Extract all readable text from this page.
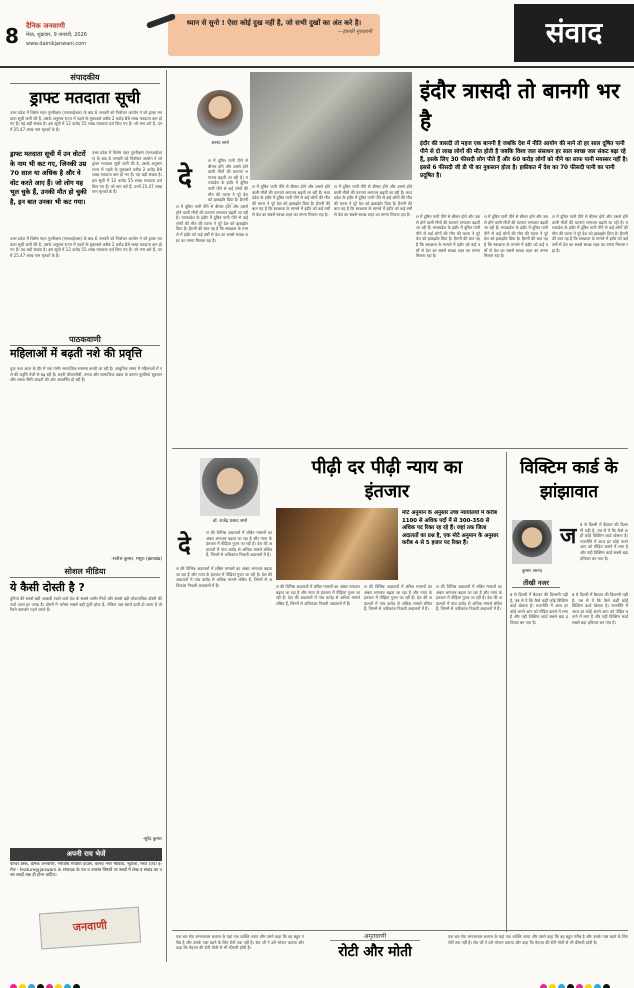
8 दैनिक जनवाणी
मेरठ, शुक्रवार, 9 जनवरी, 2026
www.dainikjanwani.com
ध्यान से सुनो ! ऐसा कोई दुख नहीं है, जो सभी दुखों का अंत करे है।
—हारुकी मुराकामी	संवाद
संपादकीय
ड्राफ्ट मतदाता सूची
उत्तर प्रदेश में विशेष गहन पुनरीक्षण (एसआईआर) के बाद 6 जनवरी को निर्वाचन आयोग ने जो ड्राफ्ट मतदाता सूची जारी की है, उसके अनुसार राज्य में पहले के मुकाबले करीब 2 करोड़ 89 लाख मतदाता कम हो गए हैं। यह बड़ी संख्या है। इस सूची में 12 करोड़ 55 लाख मतदाता दर्ज किए गए हैं। जो नाम कटे हैं, उनमें 25.47 लाख नाम मृतकों के हैं।
ड्राफ्ट मतदाता सूची में उन वोटरों के नाम भी कट गए, जिनकी उम्र 70 साल या अधिक है और वे वोट करते आए हैं। जो लोग यह भूल चुके हैं, उनकी मौत हो चुकी है, इन बात उनका भी कट गया।
उत्तर प्रदेश में विशेष गहन पुनरीक्षण (एसआईआर) के बाद 6 जनवरी को निर्वाचन आयोग ने जो ड्राफ्ट मतदाता सूची जारी की है, उसके अनुसार राज्य में पहले के मुकाबले करीब 2 करोड़ 89 लाख मतदाता कम हो गए हैं। यह बड़ी संख्या है। इस सूची में 12 करोड़ 55 लाख मतदाता दर्ज किए गए हैं। जो नाम कटे हैं, उनमें 25.47 लाख नाम मृतकों के हैं।
उत्तर प्रदेश में विशेष गहन पुनरीक्षण (एसआईआर) के बाद 6 जनवरी को निर्वाचन आयोग ने जो ड्राफ्ट मतदाता सूची जारी की है, उसके अनुसार राज्य में पहले के मुकाबले करीब 2 करोड़ 89 लाख मतदाता कम हो गए हैं। यह बड़ी संख्या है। इस सूची में 12 करोड़ 55 लाख मतदाता दर्ज किए गए हैं। जो नाम कटे हैं, उनमें 25.47 लाख नाम मृतकों के हैं।
पाठकवाणी
महिलाओं में बढ़ती नशे की प्रवृत्ति
युवा नशा आज के दौर में एक गंभीर सामाजिक समस्या बनती जा रही है। आधुनिक समय में महिलाओं में नशे की प्रवृत्ति तेजी से बढ़ रही है। शहरी जीवनशैली, तनाव और सामाजिक दबाव के कारण युवतियां धूम्रपान और शराब जैसी आदतों की ओर आकर्षित हो रही हैं।
-सतीश कुमार, मथुरा (झारखंड)
सोशल मीडिया
ये कैसी दोस्ती है ?
दुनिया की सबसे बड़ी आबादी रखने वाले देश के सबसे अमीर मित्रों और सबसे बड़ी लोकतांत्रिक दोस्ती की चर्चा आज हर जगह है। दोस्ती में भरोसा सबसे बड़ी पूंजी होता है, लेकिन जब स्वार्थ हावी हो जाता है तो रिश्ते कमजोर पड़ने लगते हैं।
-सुरेंद्र कुमार
अपनी राय भेजें
फीचर डेस्क, दैनिक जनवाणी, गंगोत्रीय मीडिया हाउस, कान्हा नगर मीडिया, भूटाला, मेरठ (उप) ई-मेल - feature@janwani.in संपादक के पत्र व ज्वलंत विषयों पर शब्दों में लेख व संवाद का उत्तर शब्दों तक ही होना चाहिए।
जनवाणी
आनंद शर्मा
इंदौर त्रासदी तो बानगी भर है
इंदौर की त्रासदी तो महज एक बानगी है जबकि देश में नीति आयोग की माने तो हर साल दूषित पानी पीने से दो लाख लोगों की मौत होती है जबकि विश्व जल संसाधन हर साल स्वच्छ जल संकट बढ़ा रहे हैं, इसके लिए 30 फीसदी लोग पीते हैं और 60 करोड़ लोगों को पीने का साफ पानी मयस्सर नहीं है। इससे 6 फीसदी जी डी पी का नुकसान होता है। हकीकत में देश का 70 फीसदी पानी का पानी प्रदूषित है।
दे
श में दूषित पानी पीने से बीमार होने और उससे होने वाली मौतों की घटनाएं लगातार बढ़ती जा रही हैं। मध्यप्रदेश के इंदौर में दूषित पानी पीने से कई लोगों की मौत की घटना ने पूरे देश को झकझोर दिया है। हैरानी
श में दूषित पानी पीने से बीमार होने और उससे होने वाली मौतों की घटनाएं लगातार बढ़ती जा रही हैं। मध्यप्रदेश के इंदौर में दूषित पानी पीने से कई लोगों की मौत की घटना ने पूरे देश को झकझोर दिया है। हैरानी की बात यह है कि स्वच्छता के मामले में इंदौर को कई वर्षों से देश का सबसे स्वच्छ शहर का तमगा मिलता रहा है।
श में दूषित पानी पीने से बीमार होने और उससे होने वाली मौतों की घटनाएं लगातार बढ़ती जा रही हैं। मध्यप्रदेश के इंदौर में दूषित पानी पीने से कई लोगों की मौत की घटना ने पूरे देश को झकझोर दिया है। हैरानी की बात यह है कि स्वच्छता के मामले में इंदौर को कई वर्षों से देश का सबसे स्वच्छ शहर का तमगा मिलता रहा है।
श में दूषित पानी पीने से बीमार होने और उससे होने वाली मौतों की घटनाएं लगातार बढ़ती जा रही हैं। मध्यप्रदेश के इंदौर में दूषित पानी पीने से कई लोगों की मौत की घटना ने पूरे देश को झकझोर दिया है। हैरानी की बात यह है कि स्वच्छता के मामले में इंदौर को कई वर्षों से देश का सबसे स्वच्छ शहर का तमगा मिलता रहा है।	श में दूषित पानी पीने से बीमार होने और उससे होने वाली मौतों की घटनाएं लगातार बढ़ती जा रही हैं। मध्यप्रदेश के इंदौर में दूषित पानी पीने से कई लोगों की मौत की घटना ने पूरे देश को झकझोर दिया है। हैरानी की बात यह है कि स्वच्छता के मामले में इंदौर को कई वर्षों से देश का सबसे स्वच्छ शहर का तमगा मिलता रहा है।
श में दूषित पानी पीने से बीमार होने और उससे होने वाली मौतों की घटनाएं लगातार बढ़ती जा रही हैं। मध्यप्रदेश के इंदौर में दूषित पानी पीने से कई लोगों की मौत की घटना ने पूरे देश को झकझोर दिया है। हैरानी की बात यह है कि स्वच्छता के मामले में इंदौर को कई वर्षों से देश का सबसे स्वच्छ शहर का तमगा मिलता रहा है।
श में दूषित पानी पीने से बीमार होने और उससे होने वाली मौतों की घटनाएं लगातार बढ़ती जा रही हैं। मध्यप्रदेश के इंदौर में दूषित पानी पीने से कई लोगों की मौत की घटना ने पूरे देश को झकझोर दिया है। हैरानी की बात यह है कि स्वच्छता के मामले में इंदौर को कई वर्षों से देश का सबसे स्वच्छ शहर का तमगा मिलता रहा है।
पीढ़ी दर पीढ़ी न्याय का इंतजार
डॉ. राजेंद्र प्रसाद शर्मा
मोटे अनुमान के अनुसार उच्च न्यायालयों में करीब 1100 से अधिक पदों में से 300-350 से अधिक पद रिक्त रह रहे हैं। जहां तक जिला अदालतों का प्रश्न है, एक मोटे अनुमान के अनुसार करीब 4 से 5 हजार पद रिक्त हैं।
दे	श की विभिन्न अदालतों में लंबित मामलों का अंबार लगातार बढ़ता जा रहा है और न्याय के इंतजार में पीढ़ियां गुजर जा रही हैं। देश की अदालतों में पांच करोड़ से अधिक मामले लंबित हैं, जिनमें से अधिकांश निचली अदालतों में हैं।
श की विभिन्न अदालतों में लंबित मामलों का अंबार लगातार बढ़ता जा रहा है और न्याय के इंतजार में पीढ़ियां गुजर जा रही हैं। देश की अदालतों में पांच करोड़ से अधिक मामले लंबित हैं, जिनमें से अधिकांश निचली अदालतों में हैं।	श की विभिन्न अदालतों में लंबित मामलों का अंबार लगातार बढ़ता जा रहा है और न्याय के इंतजार में पीढ़ियां गुजर जा रही हैं। देश की अदालतों में पांच करोड़ से अधिक मामले लंबित हैं, जिनमें से अधिकांश निचली अदालतों में हैं।
श की विभिन्न अदालतों में लंबित मामलों का अंबार लगातार बढ़ता जा रहा है और न्याय के इंतजार में पीढ़ियां गुजर जा रही हैं। देश की अदालतों में पांच करोड़ से अधिक मामले लंबित हैं, जिनमें से अधिकांश निचली अदालतों में हैं।
श की विभिन्न अदालतों में लंबित मामलों का अंबार लगातार बढ़ता जा रहा है और न्याय के इंतजार में पीढ़ियां गुजर जा रही हैं। देश की अदालतों में पांच करोड़ से अधिक मामले लंबित हैं, जिनमें से अधिकांश निचली अदालतों में हैं।
विक्टिम कार्ड के झांझावात
कुमार आनंद
तीखी नजर
ज ब से दिल्ली में बैठकर की दिल्लगी पढ़ी है, तब से ये कि कैसे कहीं कोई विक्टिम कार्ड खेलता है। राजनीति में आज हर कोई अपने आप को पीड़ित बताने में लगा है और यही विक्टिम कार्ड सबसे बड़ा हथियार बन गया है।
ब से दिल्ली में बैठकर की दिल्लगी पढ़ी है, तब से ये कि कैसे कहीं कोई विक्टिम कार्ड खेलता है। राजनीति में आज हर कोई अपने आप को पीड़ित बताने में लगा है और यही विक्टिम कार्ड सबसे बड़ा हथियार बन गया है।
ब से दिल्ली में बैठकर की दिल्लगी पढ़ी है, तब से ये कि कैसे कहीं कोई विक्टिम कार्ड खेलता है। राजनीति में आज हर कोई अपने आप को पीड़ित बताने में लगा है और यही विक्टिम कार्ड सबसे बड़ा हथियार बन गया है।
एक बार सेठ जमनालाल बजाज के यहां एक व्यक्ति आया और उसने कहा कि वह बहुत गरीब है और उसके पास खाने के लिए रोटी तक नहीं है। सेठ जी ने उसे भोजन कराया और कहा कि मेहनत की रोटी मोती से भी कीमती होती है।
अमृतवाणी
रोटी और मोती
एक बार सेठ जमनालाल बजाज के यहां एक व्यक्ति आया और उसने कहा कि वह बहुत गरीब है और उसके पास खाने के लिए रोटी तक नहीं है। सेठ जी ने उसे भोजन कराया और कहा कि मेहनत की रोटी मोती से भी कीमती होती है।
